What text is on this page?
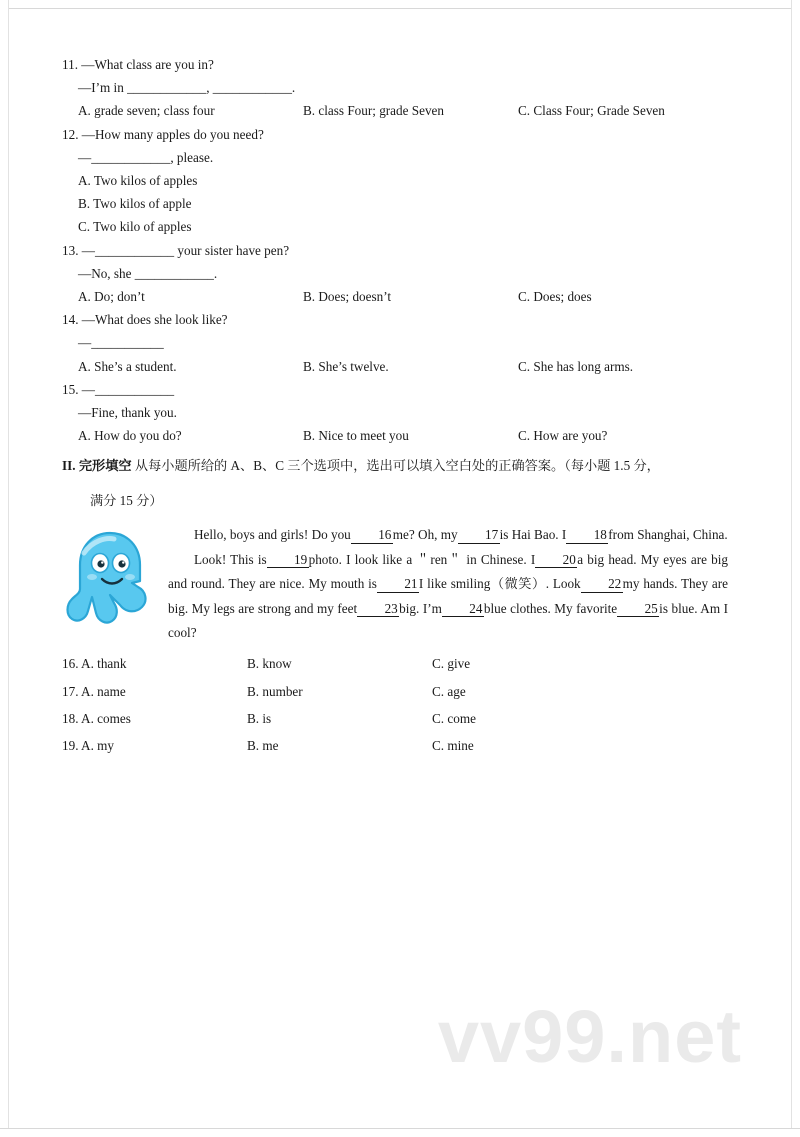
11. —What class are you in?
—I’m in ____________, ____________.
A. grade seven; class four	B. class Four; grade Seven	C. Class Four; Grade Seven
12. —How many apples do you need?
—____________, please.
A. Two kilos of apples
B. Two kilos of apple
C. Two kilo of apples
13. —____________ your sister have pen?
—No, she ____________.
A. Do; don’t	B. Does; doesn’t	C. Does; does
14. —What does she look like?
—___________
A. She’s a student.	B. She’s twelve.	C. She has long arms.
15. —____________
—Fine, thank you.
A. How do you do?	B. Nice to meet you	C. How are you?
II. 完形填空 从每小题所给的 A、B、C 三个选项中，选出可以填入空白处的正确答案。（每小题 1.5 分，
满分 15 分）

Hello, boys and girls! Do you 16me? Oh, my 17is Hai Bao. I 18from Shanghai, China.

Look! This is 19photo. I look like a ＂ren＂ in Chinese. I 20a big head. My eyes are big and round. They are nice. My mouth is 21I like smiling（微笑）. Look 22my hands. They are big. My legs are strong and my feet 23big. I’m 24blue clothes. My favorite 25is blue. Am I cool?

16. A. thank	B. know	C. give
17. A. name	B. number	C. age
18. A. comes	B. is	C. come
19. A. my	B. me	C. mine
vv99.net
